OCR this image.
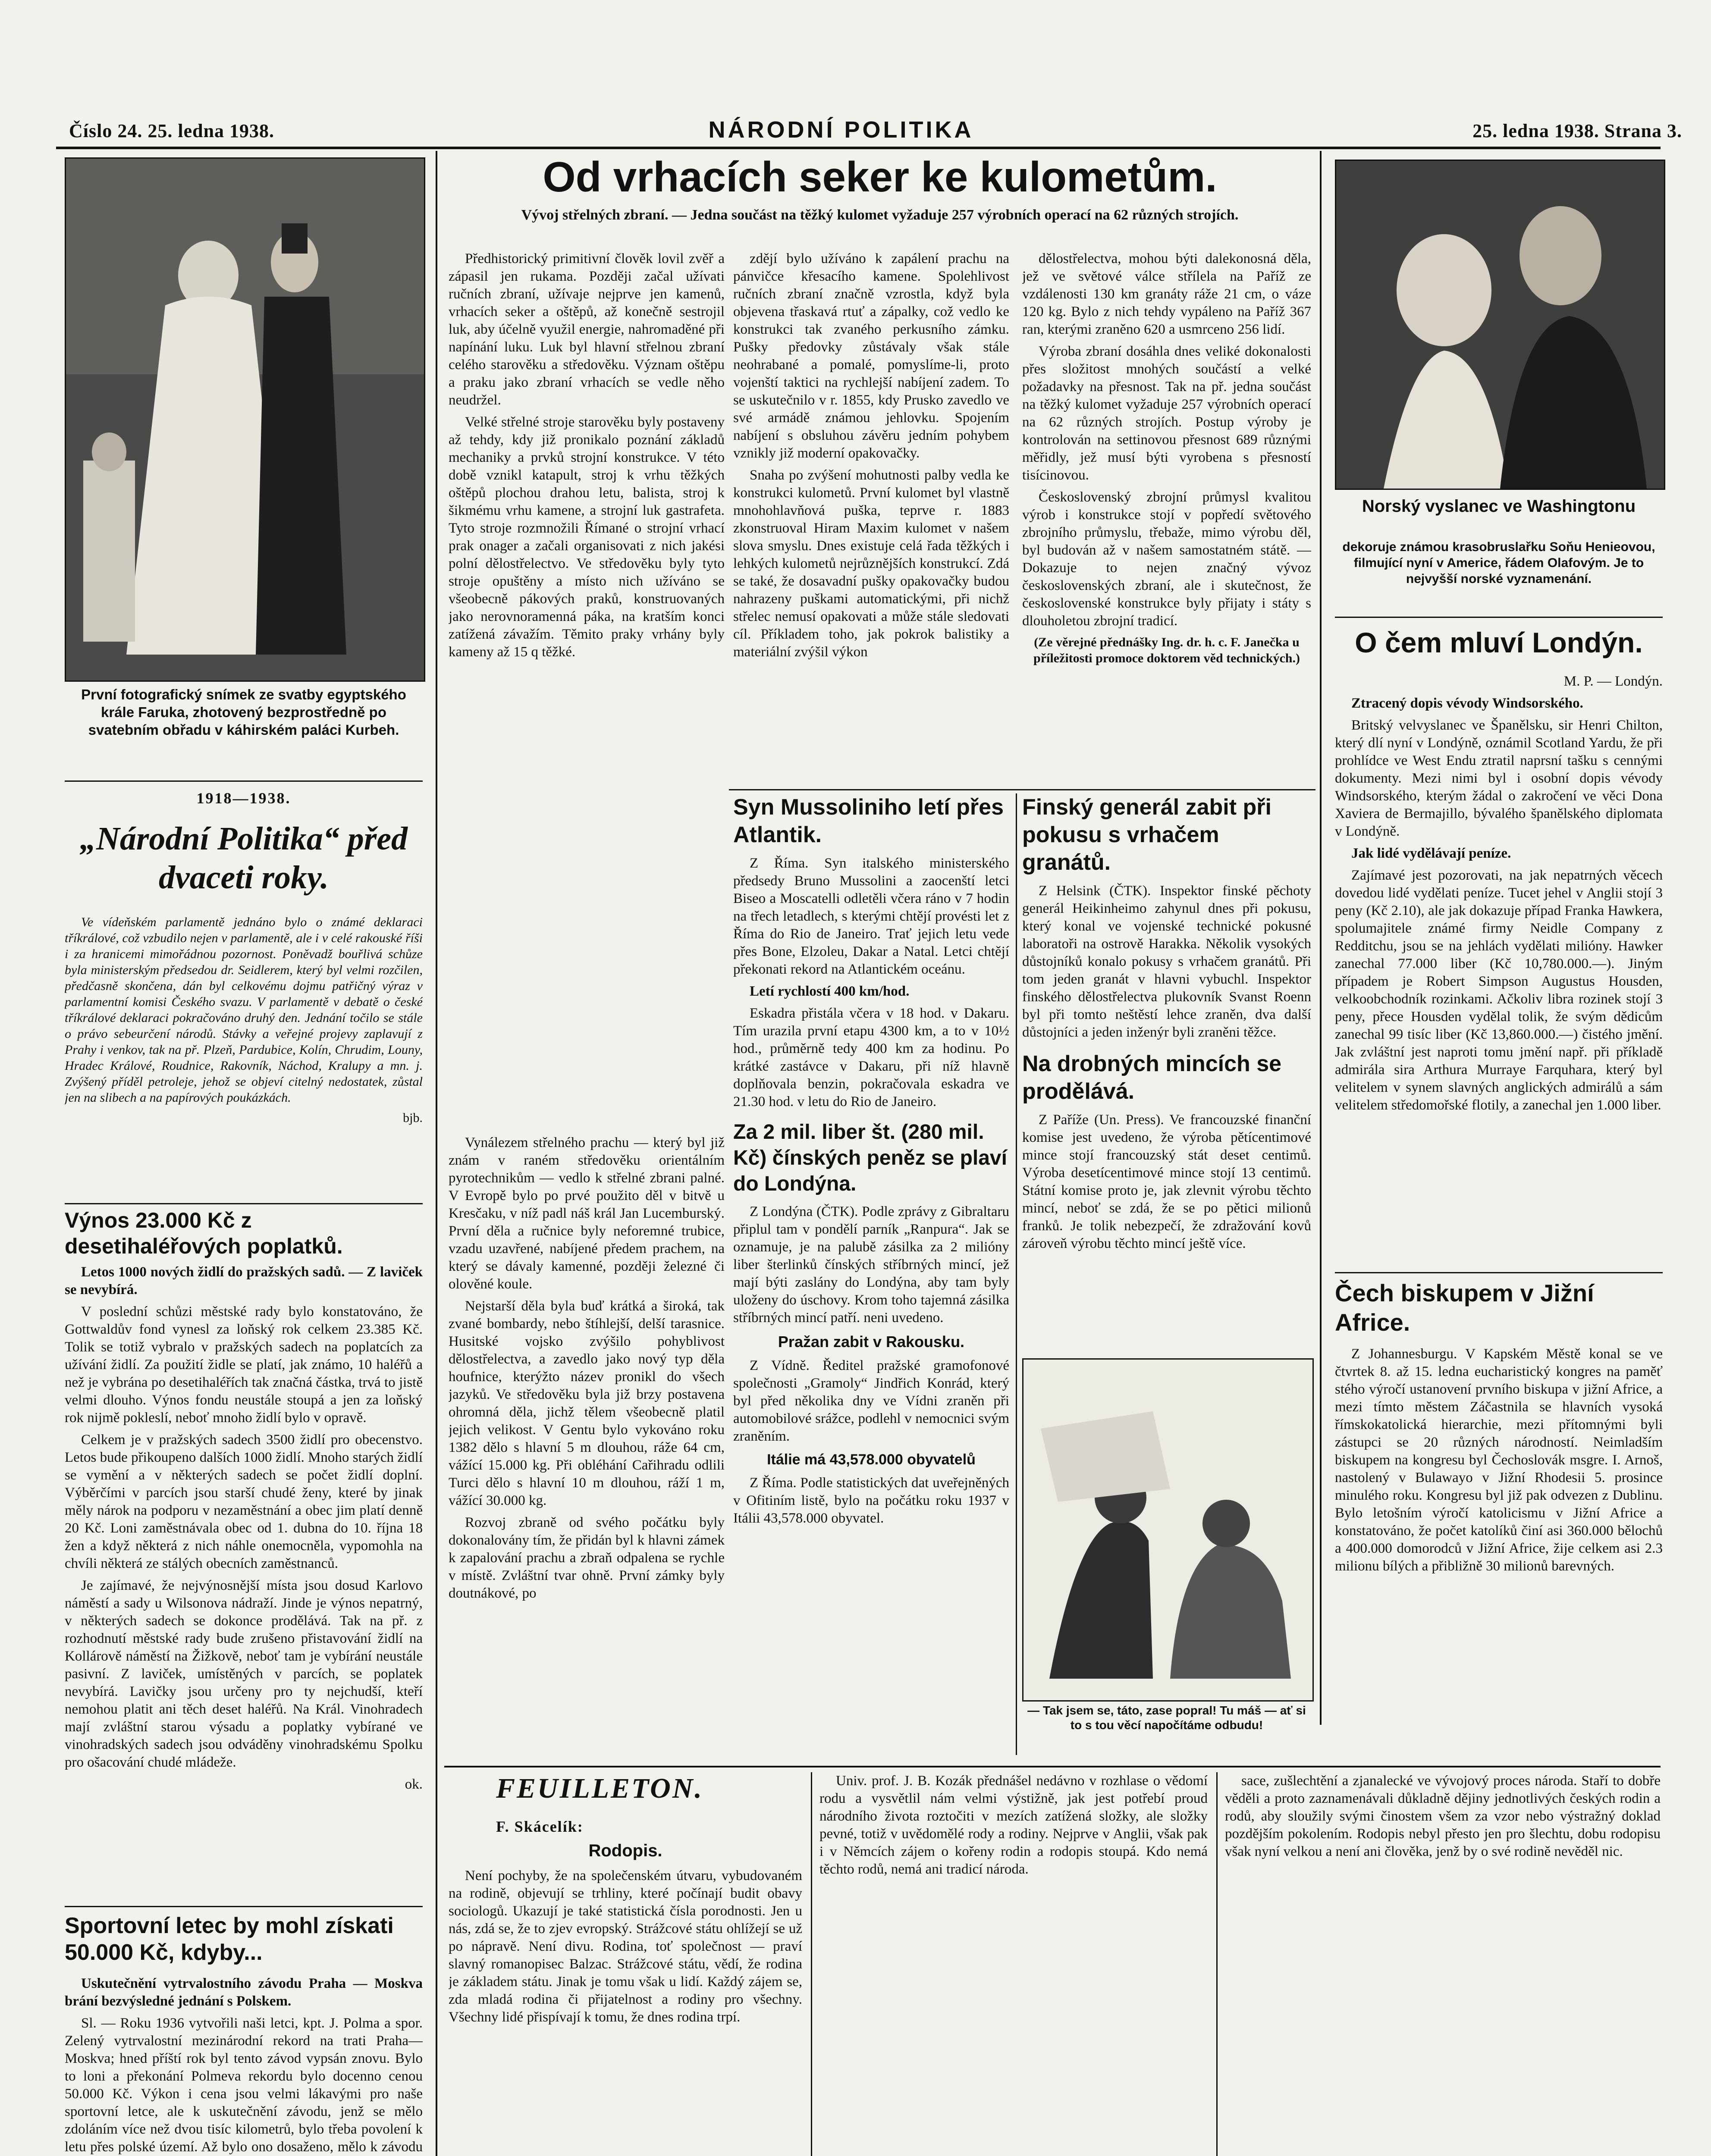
Číslo 24. 25. ledna 1938.	NÁRODNÍ POLITIKA	25. ledna 1938. Strana 3.
První fotografický snímek ze svatby egyptského krále Faruka, zhotovený bezprostředně po svatebním obřadu v káhirském paláci Kurbeh.
1918—1938.
„Národní Politika“ před dvaceti roky.

Ve vídeňském parlamentě jednáno bylo o známé deklaraci tříkrálové, což vzbudilo nejen v parlamentě, ale i v celé rakouské říši i za hranicemi mimořádnou pozornost. Poněvadž bouřlivá schůze byla ministerským předsedou dr. Seidlerem, který byl velmi rozčilen, předčasně skončena, dán byl celkovému dojmu patřičný výraz v parlamentní komisi Českého svazu. V parlamentě v debatě o české tříkrálové deklaraci pokračováno druhý den. Jednání točilo se stále o právo sebeurčení národů. Stávky a veřejné projevy zaplavují z Prahy i venkov, tak na př. Plzeň, Pardubice, Kolín, Chrudim, Louny, Hradec Králové, Roudnice, Rakovník, Náchod, Kralupy a mn. j. Zvýšený příděl petroleje, jehož se objeví citelný nedostatek, zůstal jen na slibech a na papírových poukázkách.

bjb.

Výnos 23.000 Kč z desetihaléřových poplatků.

Letos 1000 nových židlí do pražských sadů. — Z laviček se nevybírá.

V poslední schůzi městské rady bylo konstatováno, že Gottwaldův fond vynesl za loňský rok celkem 23.385 Kč. Tolik se totiž vybralo v pražských sadech na poplatcích za užívání židlí. Za použití židle se platí, jak známo, 10 haléřů a než je vybrána po desetihaléřích tak značná částka, trvá to jistě velmi dlouho. Výnos fondu neustále stoupá a jen za loňský rok nijmě pokleslí, neboť mnoho židlí bylo v opravě.

Celkem je v pražských sadech 3500 židlí pro obecenstvo. Letos bude přikoupeno dalších 1000 židlí. Mnoho starých židlí se vymění a v některých sadech se počet židlí doplní. Výběrčími v parcích jsou starší chudé ženy, které by jinak měly nárok na podporu v nezaměstnání a obec jim platí denně 20 Kč. Loni zaměstnávala obec od 1. dubna do 10. října 18 žen a když některá z nich náhle onemocněla, vypomohla na chvíli některá ze stálých obecních zaměstnanců.

Je zajímavé, že nejvýnosnější místa jsou dosud Karlovo náměstí a sady u Wilsonova nádraží. Jinde je výnos nepatrný, v některých sadech se dokonce prodělává. Tak na př. z rozhodnutí městské rady bude zrušeno přistavování židlí na Kollárově náměstí na Žižkově, neboť tam je vybírání neustále pasivní. Z laviček, umístěných v parcích, se poplatek nevybírá. Lavičky jsou určeny pro ty nejchudší, kteří nemohou platit ani těch deset haléřů. Na Král. Vinohradech mají zvláštní starou výsadu a poplatky vybírané ve vinohradských sadech jsou odváděny vinohradskému Spolku pro ošacování chudé mládeže.

ok.

Sportovní letec by mohl získati 50.000 Kč, kdyby...

Uskutečnění vytrvalostního závodu Praha — Moskva brání bezvýsledné jednání s Polskem.

Sl. — Roku 1936 vytvořili naši letci, kpt. J. Polma a spor. Zelený vytrvalostní mezinárodní rekord na trati Praha—Moskva; hned příští rok byl tento závod vypsán znovu. Bylo to loni a překonání Polmeva rekordu bylo docenno cenou 50.000 Kč. Výkon i cena jsou velmi lákavými pro naše sportovní letce, ale k uskutečnění závodu, jenž se mělo zdoláním více než dvou tisíc kilometrů, bylo třeba povolení k letu přes polské území. Až bylo ono dosaženo, mělo k závodu

Od vrhacích seker ke kulometům.
Vývoj střelných zbraní. — Jedna součást na těžký kulomet vyžaduje 257 výrobních operací na 62 různých strojích.

Předhistorický primitivní člověk lovil zvěř a zápasil jen rukama. Později začal užívati ručních zbraní, užívaje nejprve jen kamenů, vrhacích seker a oštěpů, až konečně sestrojil luk, aby účelně využil energie, nahromaděné při napínání luku. Luk byl hlavní střelnou zbraní celého starověku a středověku. Význam oštěpu a praku jako zbraní vrhacích se vedle něho neudržel.

Velké střelné stroje starověku byly postaveny až tehdy, kdy již pronikalo poznání základů mechaniky a prvků strojní konstrukce. V této době vznikl katapult, stroj k vrhu těžkých oštěpů plochou drahou letu, balista, stroj k šikmému vrhu kamene, a strojní luk gastrafeta. Tyto stroje rozmnožili Římané o strojní vrhací prak onager a začali organisovati z nich jakési polní dělostřelectvo. Ve středověku byly tyto stroje opuštěny a místo nich užíváno se všeobecně pákových praků, konstruovaných jako nerovnoramenná páka, na kratším konci zatížená závažím. Těmito praky vrhány byly kameny až 15 q těžké.

Vynálezem střelného prachu — který byl již znám v raném středověku orientálním pyrotechnikům — vedlo k střelné zbrani palné. V Evropě bylo po prvé použito děl v bitvě u Kresčaku, v níž padl náš král Jan Lucemburský. První děla a ručnice byly neforemné trubice, vzadu uzavřené, nabíjené předem prachem, na který se dávaly kamenné, později železné či olověné koule.

Nejstarší děla byla buď krátká a široká, tak zvané bombardy, nebo štíhlejší, delší tarasnice. Husitské vojsko zvýšilo pohyblivost dělostřelectva, a zavedlo jako nový typ děla houfnice, kterýžto název pronikl do všech jazyků. Ve středověku byla již brzy postavena ohromná děla, jichž tělem všeobecně platil jejich velikost. V Gentu bylo vykováno roku 1382 dělo s hlavní 5 m dlouhou, ráže 64 cm, vážící 15.000 kg. Při obléhání Cařihradu odlili Turci dělo s hlavní 10 m dlouhou, ráží 1 m, vážící 30.000 kg.

Rozvoj zbraně od svého počátku byly dokonalovány tím, že přidán byl k hlavni zámek k zapalování prachu a zbraň odpalena se rychle v místě. Zvláštní tvar ohně. První zámky byly doutnákové, po

zdějí bylo užíváno k zapálení prachu na pánvičce křesacího kamene. Spolehlivost ručních zbraní značně vzrostla, když byla objevena třaskavá rtuť a zápalky, což vedlo ke konstrukci tak zvaného perkusního zámku. Pušky předovky zůstávaly však stále neohrabané a pomalé, pomyslíme-li, proto vojenští taktici na rychlejší nabíjení zadem. To se uskutečnilo v r. 1855, kdy Prusko zavedlo ve své armádě známou jehlovku. Spojením nabíjení s obsluhou závěru jedním pohybem vznikly již moderní opakovačky.

Snaha po zvýšení mohutnosti palby vedla ke konstrukci kulometů. První kulomet byl vlastně mnohohlavňová puška, teprve r. 1883 zkonstruoval Hiram Maxim kulomet v našem slova smyslu. Dnes existuje celá řada těžkých i lehkých kulometů nejrůznějších konstrukcí. Zdá se také, že dosavadní pušky opakovačky budou nahrazeny puškami automatickými, při nichž střelec nemusí opakovati a může stále sledovati cíl. Příkladem toho, jak pokrok balistiky a materiální zvýšil výkon

dělostřelectva, mohou býti dalekonosná děla, jež ve světové válce střílela na Paříž ze vzdálenosti 130 km granáty ráže 21 cm, o váze 120 kg. Bylo z nich tehdy vypáleno na Paříž 367 ran, kterými zraněno 620 a usmrceno 256 lidí.

Výroba zbraní dosáhla dnes veliké dokonalosti přes složitost mnohých součástí a velké požadavky na přesnost. Tak na př. jedna součást na těžký kulomet vyžaduje 257 výrobních operací na 62 různých strojích. Postup výroby je kontrolován na settinovou přesnost 689 různými měřidly, jež musí býti vyrobena s přesností tisícinovou.

Československý zbrojní průmysl kvalitou výrob i konstrukce stojí v popředí světového zbrojního průmyslu, třebaže, mimo výrobu děl, byl budován až v našem samostatném státě. — Dokazuje to nejen značný vývoz československých zbraní, ale i skutečnost, že československé konstrukce byly přijaty i státy s dlouholetou zbrojní tradicí.

(Ze věrejné přednášky Ing. dr. h. c. F. Janečka u příležitosti promoce doktorem věd technických.)

Syn Mussoliniho letí přes Atlantik.

Z Říma. Syn italského ministerského předsedy Bruno Mussolini a zaocenští letci Biseo a Moscatelli odletěli včera ráno v 7 hodin na třech letadlech, s kterými chtějí provésti let z Říma do Rio de Janeiro. Trať jejich letu vede přes Bone, Elzoleu, Dakar a Natal. Letci chtějí překonati rekord na Atlantickém oceánu.

Letí rychlostí 400 km/hod.

Eskadra přistála včera v 18 hod. v Dakaru. Tím urazila první etapu 4300 km, a to v 10½ hod., průměrně tedy 400 km za hodinu. Po krátké zastávce v Dakaru, při níž hlavně doplňovala benzin, pokračovala eskadra ve 21.30 hod. v letu do Rio de Janeiro.

Za 2 mil. liber št. (280 mil. Kč) čínských peněz se plaví do Londýna.

Z Londýna (ČTK). Podle zprávy z Gibraltaru připlul tam v pondělí parník „Ranpura“. Jak se oznamuje, je na palubě zásilka za 2 milióny liber šterlinků čínských stříbrných mincí, jež mají býti zaslány do Londýna, aby tam byly uloženy do úschovy. Krom toho tajemná zásilka stříbrných mincí patří. neni uvedeno.

Pražan zabit v Rakousku.

Z Vídně. Ředitel pražské gramofonové společnosti „Gramoly“ Jindřich Konrád, který byl před několika dny ve Vídni zraněn při automobilové srážce, podlehl v nemocnici svým zraněním.

Itálie má 43,578.000 obyvatelů

Z Říma. Podle statistických dat uveřejněných v Ofitiním listě, bylo na počátku roku 1937 v Itálii 43,578.000 obyvatel.

Finský generál zabit při pokusu s vrhačem granátů.

Z Helsink (ČTK). Inspektor finské pěchoty generál Heikinheimo zahynul dnes při pokusu, který konal ve vojenské technické pokusné laboratoři na ostrově Harakka. Několik vysokých důstojníků konalo pokusy s vrhačem granátů. Při tom jeden granát v hlavni vybuchl. Inspektor finského dělostřelectva plukovník Svanst Roenn byl při tomto neštěstí lehce zraněn, dva další důstojníci a jeden inženýr byli zraněni těžce.

Na drobných mincích se prodělává.

Z Paříže (Un. Press). Ve francouzské finanční komise jest uvedeno, že výroba pětícentimové mince stojí francouzský stát deset centimů. Výroba desetícentimové mince stojí 13 centimů. Státní komise proto je, jak zlevnit výrobu těchto mincí, neboť se zdá, že se po pětici milionů franků. Je tolik nebezpečí, že zdražování kovů zároveň výrobu těchto mincí ještě více.

— Tak jsem se, táto, zase popral! Tu máš — ať si to s tou věcí napočítáme odbudu!
Norský vyslanec ve Washingtonu
dekoruje známou krasobruslařku Soňu Henieovou, filmující nyní v Americe, řádem Olafovým. Je to nejvyšší norské vyznamenání.
O čem mluví Londýn.

M. P. — Londýn.

Ztracený dopis vévody Windsorského.

Britský velvyslanec ve Španělsku, sir Henri Chilton, který dlí nyní v Londýně, oznámil Scotland Yardu, že při prohlídce ve West Endu ztratil naprsní tašku s cennými dokumenty. Mezi nimi byl i osobní dopis vévody Windsorského, kterým žádal o zakročení ve věci Dona Xaviera de Bermajillo, bývalého španělského diplomata v Londýně.

Jak lidé vydělávají peníze.

Zajímavé jest pozorovati, na jak nepatrných věcech dovedou lidé vydělati peníze. Tucet jehel v Anglii stojí 3 peny (Kč 2.10), ale jak dokazuje případ Franka Hawkera, spolumajitele známé firmy Neidle Company z Redditchu, jsou se na jehlách vydělati milióny. Hawker zanechal 77.000 liber (Kč 10,780.000.—). Jiným případem je Robert Simpson Augustus Housden, velkoobchodník rozinkami. Ačkoliv libra rozinek stojí 3 peny, přece Housden vydělal tolik, že svým dědicům zanechal 99 tisíc liber (Kč 13,860.000.—) čistého jmění. Jak zvláštní jest naproti tomu jmění např. při příkladě admirála sira Arthura Murraye Farquhara, který byl velitelem v synem slavných anglických admirálů a sám velitelem středomořské flotily, a zanechal jen 1.000 liber.

Čech biskupem v Jižní Africe.

Z Johannesburgu. V Kapském Městě konal se ve čtvrtek 8. až 15. ledna eucharistický kongres na paměť stého výročí ustanovení prvního biskupa v jižní Africe, a mezi tímto městem Záčastnila se hlavních vysoká římskokatolická hierarchie, mezi přítomnými byli zástupci se 20 různých národností. Neimladším biskupem na kongresu byl Čechoslovák msgre. I. Arnoš, nastolený v Bulawayo v Jižní Rhodesii 5. prosince minulého roku. Kongresu byl již pak odvezen z Dublinu. Bylo letošním výročí katolicismu v Jižní Africe a konstatováno, že počet katolíků činí asi 360.000 bělochů a 400.000 domorodců v Jižní Africe, žije celkem asi 2.3 milionu bílých a přibližně 30 milionů barevných.

FEUILLETON.
F. Skácelík:
Rodopis.

Není pochyby, že na společenském útvaru, vybudovaném na rodině, objevují se trhliny, které počínají budit obavy sociologů. Ukazují je také statistická čísla porodnosti. Jen u nás, zdá se, že to zjev evropský. Strážcové státu ohlížejí se už po nápravě. Není divu. Rodina, toť společnost — praví slavný romanopisec Balzac. Strážcové státu, vědí, že rodina je základem státu. Jinak je tomu však u lidí. Každý zájem se, zda mladá rodina či přijatelnost a rodiny pro všechny. Všechny lidé přispívají k tomu, že dnes rodina trpí.

Univ. prof. J. B. Kozák přednášel nedávno v rozhlase o vědomí rodu a vysvětlil nám velmi výstižně, jak jest potřebí proud národního života roztočiti v mezích zatížená složky, ale složky pevné, totiž v uvědomělé rody a rodiny. Nejprve v Anglii, však pak i v Němcích zájem o kořeny rodin a rodopis stoupá. Kdo nemá těchto rodů, nemá ani tradicí národa.

sace, zušlechtění a zjanalecké ve vývojový proces národa. Staří to dobře věděli a proto zaznamenávali důkladně dějiny jednotlivých českých rodin a rodů, aby sloužily svými činostem všem za vzor nebo výstražný doklad pozdějším pokolením. Rodopis nebyl přesto jen pro šlechtu, dobu rodopisu však nyní velkou a není ani člověka, jenž by o své rodině nevěděl nic.
